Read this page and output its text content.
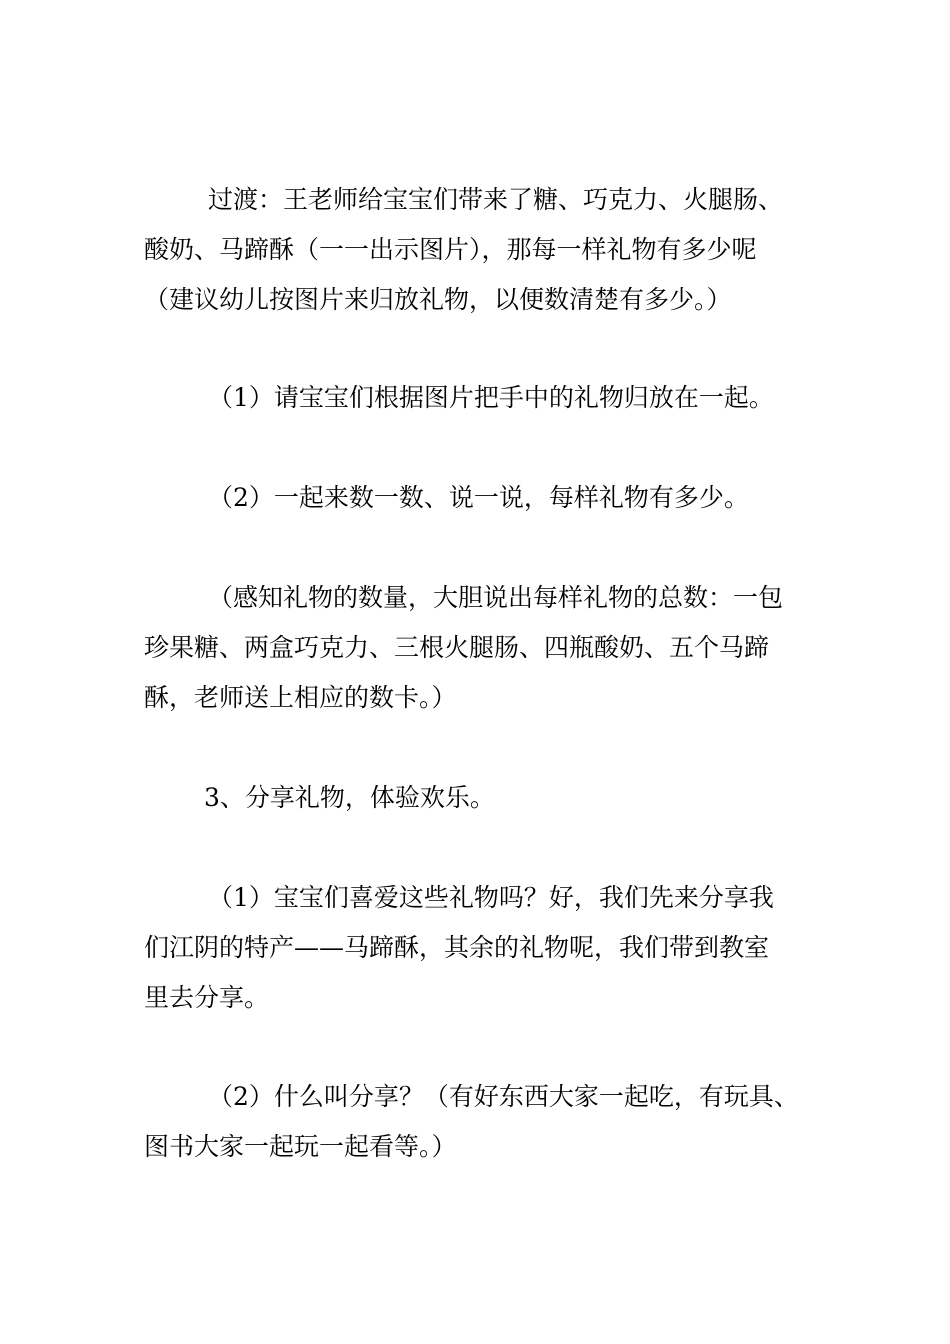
过渡：王老师给宝宝们带来了糖、巧克力、火腿肠、
酸奶、马蹄酥（一一出示图片），那每一样礼物有多少呢
（建议幼儿按图片来归放礼物，以便数清楚有多少。）
（1）请宝宝们根据图片把手中的礼物归放在一起。
（2）一起来数一数、说一说，每样礼物有多少。
（感知礼物的数量，大胆说出每样礼物的总数：一包
珍果糖、两盒巧克力、三根火腿肠、四瓶酸奶、五个马蹄
酥，老师送上相应的数卡。）
3、分享礼物，体验欢乐。
（1）宝宝们喜爱这些礼物吗？好，我们先来分享我
们江阴的特产——马蹄酥，其余的礼物呢，我们带到教室
里去分享。
（2）什么叫分享？（有好东西大家一起吃，有玩具、
图书大家一起玩一起看等。）
